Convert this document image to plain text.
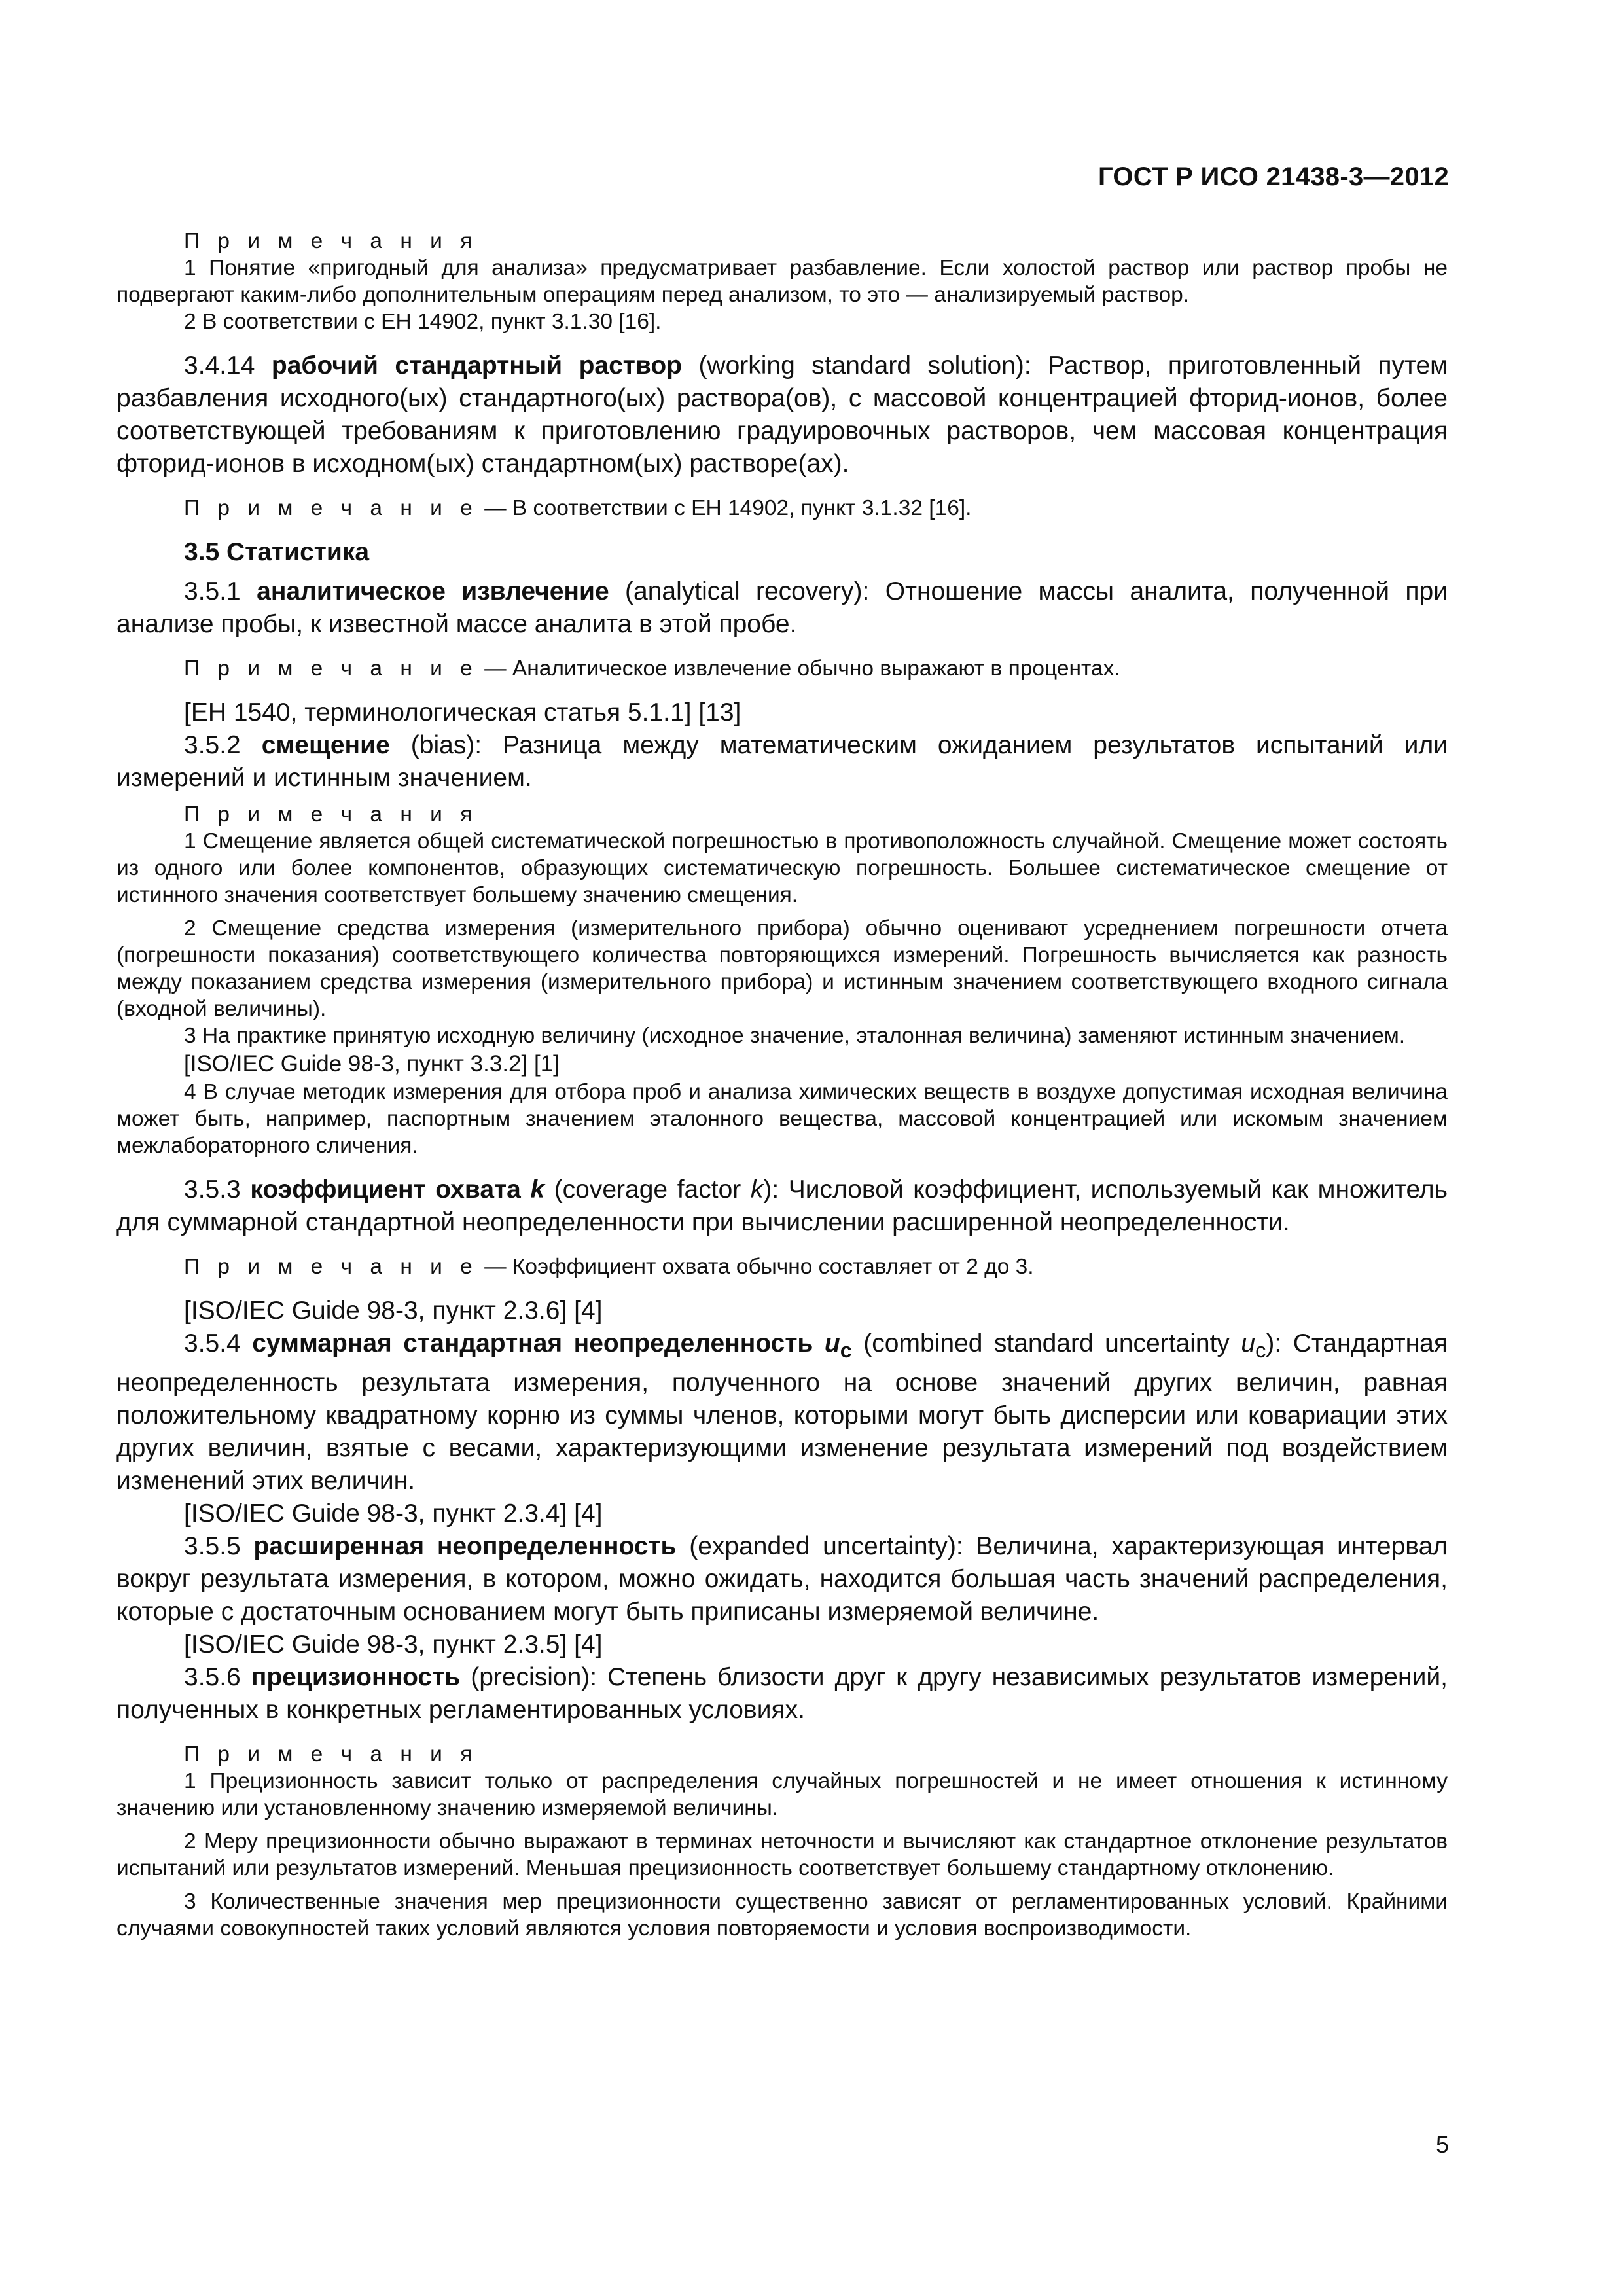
ГОСТ Р ИСО 21438-3—2012
П р и м е ч а н и я

1 Понятие «пригодный для анализа» предусматривает разбавление. Если холостой раствор или раствор пробы не подвергают каким-либо дополнительным операциям перед анализом, то это — анализируемый раствор.

2 В соответствии с ЕН 14902, пункт 3.1.30 [16].

3.4.14 рабочий стандартный раствор (working standard solution): Раствор, приготовленный путем разбавления исходного(ых) стандартного(ых) раствора(ов), с массовой концентрацией фторид-ионов, более соответствующей требованиям к приготовлению градуировочных растворов, чем массовая концентрация фторид-ионов в исходном(ых) стандартном(ых) растворе(ах).

П р и м е ч а н и е — В соответствии с ЕН 14902, пункт 3.1.32 [16].

3.5 Статистика

3.5.1 аналитическое извлечение (analytical recovery): Отношение массы аналита, полученной при анализе пробы, к известной массе аналита в этой пробе.

П р и м е ч а н и е — Аналитическое извлечение обычно выражают в процентах.

[ЕН 1540, терминологическая статья 5.1.1] [13]

3.5.2 смещение (bias): Разница между математическим ожиданием результатов испытаний или измерений и истинным значением.

П р и м е ч а н и я

1 Смещение является общей систематической погрешностью в противоположность случайной. Смещение может состоять из одного или более компонентов, образующих систематическую погрешность. Большее систематическое смещение от истинного значения соответствует большему значению смещения.

2 Смещение средства измерения (измерительного прибора) обычно оценивают усреднением погрешности отчета (погрешности показания) соответствующего количества повторяющихся измерений. Погрешность вычисляется как разность между показанием средства измерения (измерительного прибора) и истинным значением соответствующего входного сигнала (входной величины).

3 На практике принятую исходную величину (исходное значение, эталонная величина) заменяют истинным значением.

[ISO/IEC Guide 98-3, пункт 3.3.2] [1]

4 В случае методик измерения для отбора проб и анализа химических веществ в воздухе допустимая исходная величина может быть, например, паспортным значением эталонного вещества, массовой концентрацией или искомым значением межлабораторного сличения.

3.5.3 коэффициент охвата k (coverage factor k): Числовой коэффициент, используемый как множитель для суммарной стандартной неопределенности при вычислении расширенной неопределенности.

П р и м е ч а н и е — Коэффициент охвата обычно составляет от 2 до 3.

[ISO/IEC Guide 98-3, пункт 2.3.6] [4]

3.5.4 суммарная стандартная неопределенность $u_c$ (combined standard uncertainty $u_c$): Стандартная неопределенность результата измерения, полученного на основе значений других величин, равная положительному квадратному корню из суммы членов, которыми могут быть дисперсии или ковариации этих других величин, взятые с весами, характеризующими изменение результата измерений под воздействием изменений этих величин.

[ISO/IEC Guide 98-3, пункт 2.3.4] [4]

3.5.5 расширенная неопределенность (expanded uncertainty): Величина, характеризующая интервал вокруг результата измерения, в котором, можно ожидать, находится большая часть значений распределения, которые с достаточным основанием могут быть приписаны измеряемой величине.

[ISO/IEC Guide 98-3, пункт 2.3.5] [4]

3.5.6 прецизионность (precision): Степень близости друг к другу независимых результатов измерений, полученных в конкретных регламентированных условиях.

П р и м е ч а н и я

1 Прецизионность зависит только от распределения случайных погрешностей и не имеет отношения к истинному значению или установленному значению измеряемой величины.

2 Меру прецизионности обычно выражают в терминах неточности и вычисляют как стандартное отклонение результатов испытаний или результатов измерений. Меньшая прецизионность соответствует большему стандартному отклонению.

3 Количественные значения мер прецизионности существенно зависят от регламентированных условий. Крайними случаями совокупностей таких условий являются условия повторяемости и условия воспроизводимости.

5
